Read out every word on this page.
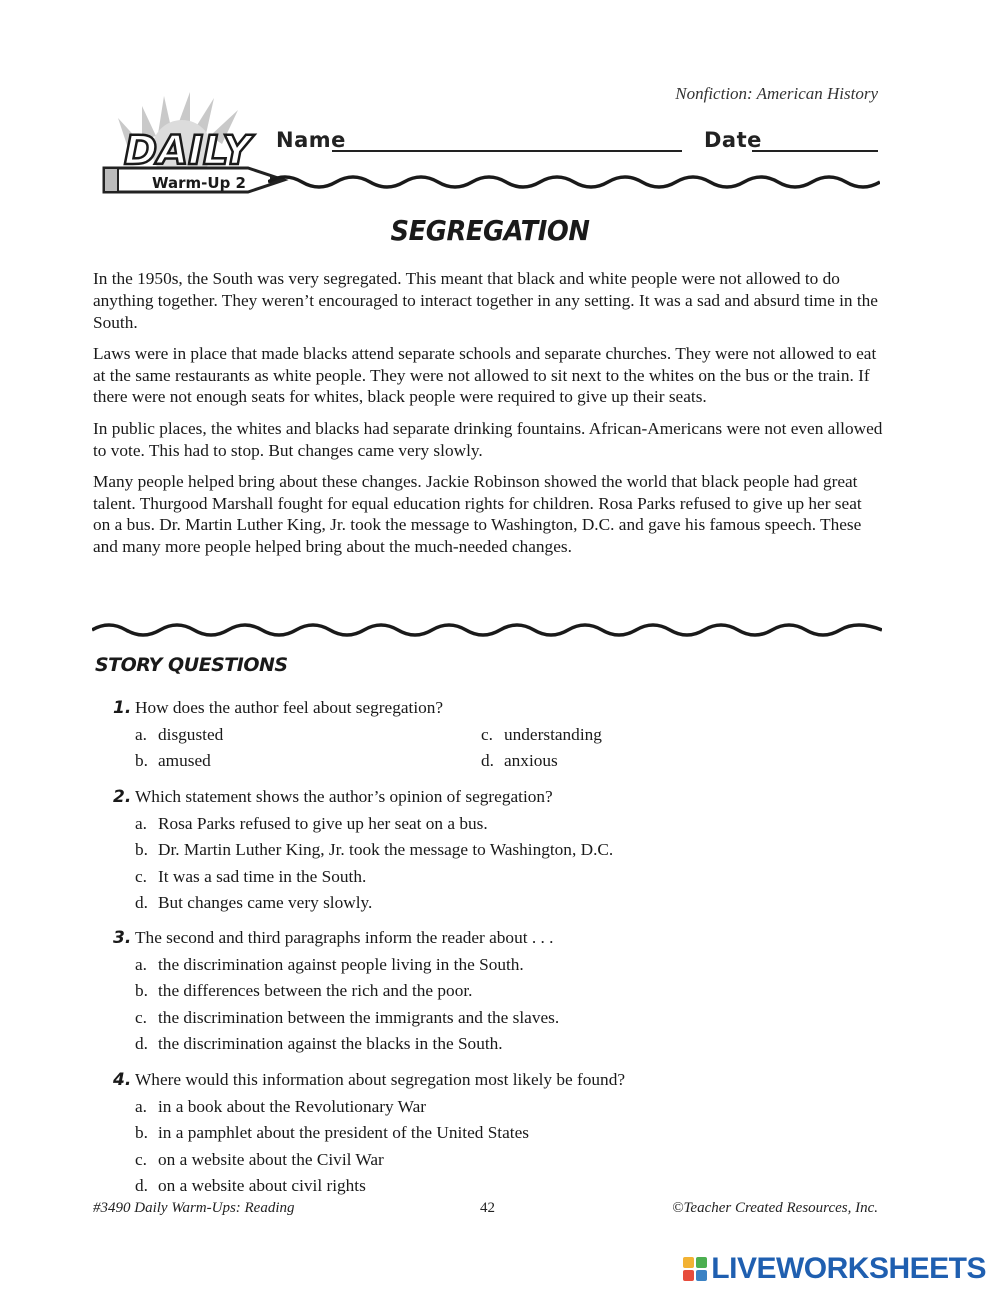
Nonfiction: American History
DAILY
Warm-Up 2
Name	Date
SEGREGATION

In the 1950s, the South was very segregated. This meant that black and white people were not allowed to do anything together. They weren’t encouraged to interact together in any setting. It was a sad and absurd time in the South.

Laws were in place that made blacks attend separate schools and separate churches. They were not allowed to eat at the same restaurants as white people. They were not allowed to sit next to the whites on the bus or the train. If there were not enough seats for whites, black people were required to give up their seats.

In public places, the whites and blacks had separate drinking fountains. African-Americans were not even allowed to vote. This had to stop. But changes came very slowly.

Many people helped bring about these changes. Jackie Robinson showed the world that black people had great talent. Thurgood Marshall fought for equal education rights for children. Rosa Parks refused to give up her seat on a bus. Dr. Martin Luther King, Jr. took the message to Washington, D.C. and gave his famous speech. These and many more people helped bring about the much-needed changes.

STORY QUESTIONS
1. How does the author feel about segregation?
a. disgusted	c. understanding
b. amused	d. anxious
2. Which statement shows the author’s opinion of segregation?
a. Rosa Parks refused to give up her seat on a bus.
b. Dr. Martin Luther King, Jr. took the message to Washington, D.C.
c. It was a sad time in the South.
d. But changes came very slowly.
3. The second and third paragraphs inform the reader about . . .
a. the discrimination against people living in the South.
b. the differences between the rich and the poor.
c. the discrimination between the immigrants and the slaves.
d. the discrimination against the blacks in the South.
4. Where would this information about segregation most likely be found?
a. in a book about the Revolutionary War
b. in a pamphlet about the president of the United States
c. on a website about the Civil War
d. on a website about civil rights
#3490 Daily Warm-Ups: Reading	42	©Teacher Created Resources, Inc.
LIVEWORKSHEETS
